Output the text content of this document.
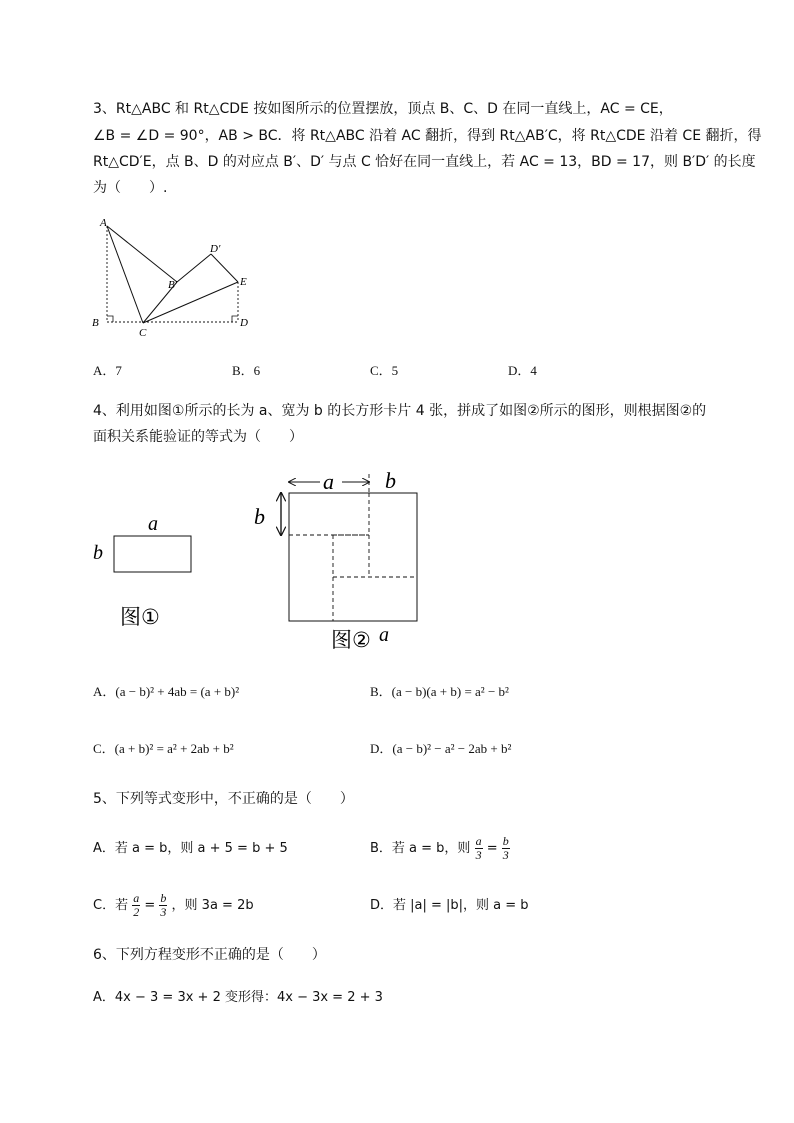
3、Rt△ABC 和 Rt△CDE 按如图所示的位置摆放，顶点 B、C、D 在同一直线上，AC = CE，
∠B = ∠D = 90°，AB > BC．将 Rt△ABC 沿着 AC 翻折，得到 Rt△AB′C，将 Rt△CDE 沿着 CE 翻折，得
Rt△CD′E，点 B、D 的对应点 B′、D′ 与点 C 恰好在同一直线上，若 AC = 13，BD = 17，则 B′D′ 的长度
为（　　）.
A
B
C
D
E
B′
D′
A．7	B．6	C．5	D．4
4、利用如图①所示的长为 a、宽为 b 的长方形卡片 4 张，拼成了如图②所示的图形，则根据图②的
面积关系能验证的等式为（　　）
a
b
图①
a b
b
图② a
A．(a − b)² + 4ab = (a + b)²	B．(a − b)(a + b) = a² − b²
C．(a + b)² = a² + 2ab + b²	D．(a − b)² − a² − 2ab + b²
5、下列等式变形中，不正确的是（　　）
A．若 a = b，则 a + 5 = b + 5	B．若 a = b，则 $\frac{a}{3} = \frac{b}{3}$
C．若 $\frac{a}{2} = \frac{b}{3}$ ，则 3a = 2b	D．若 |a| = |b|，则 a = b
6、下列方程变形不正确的是（　　）
A．4x − 3 = 3x + 2 变形得：4x − 3x = 2 + 3
